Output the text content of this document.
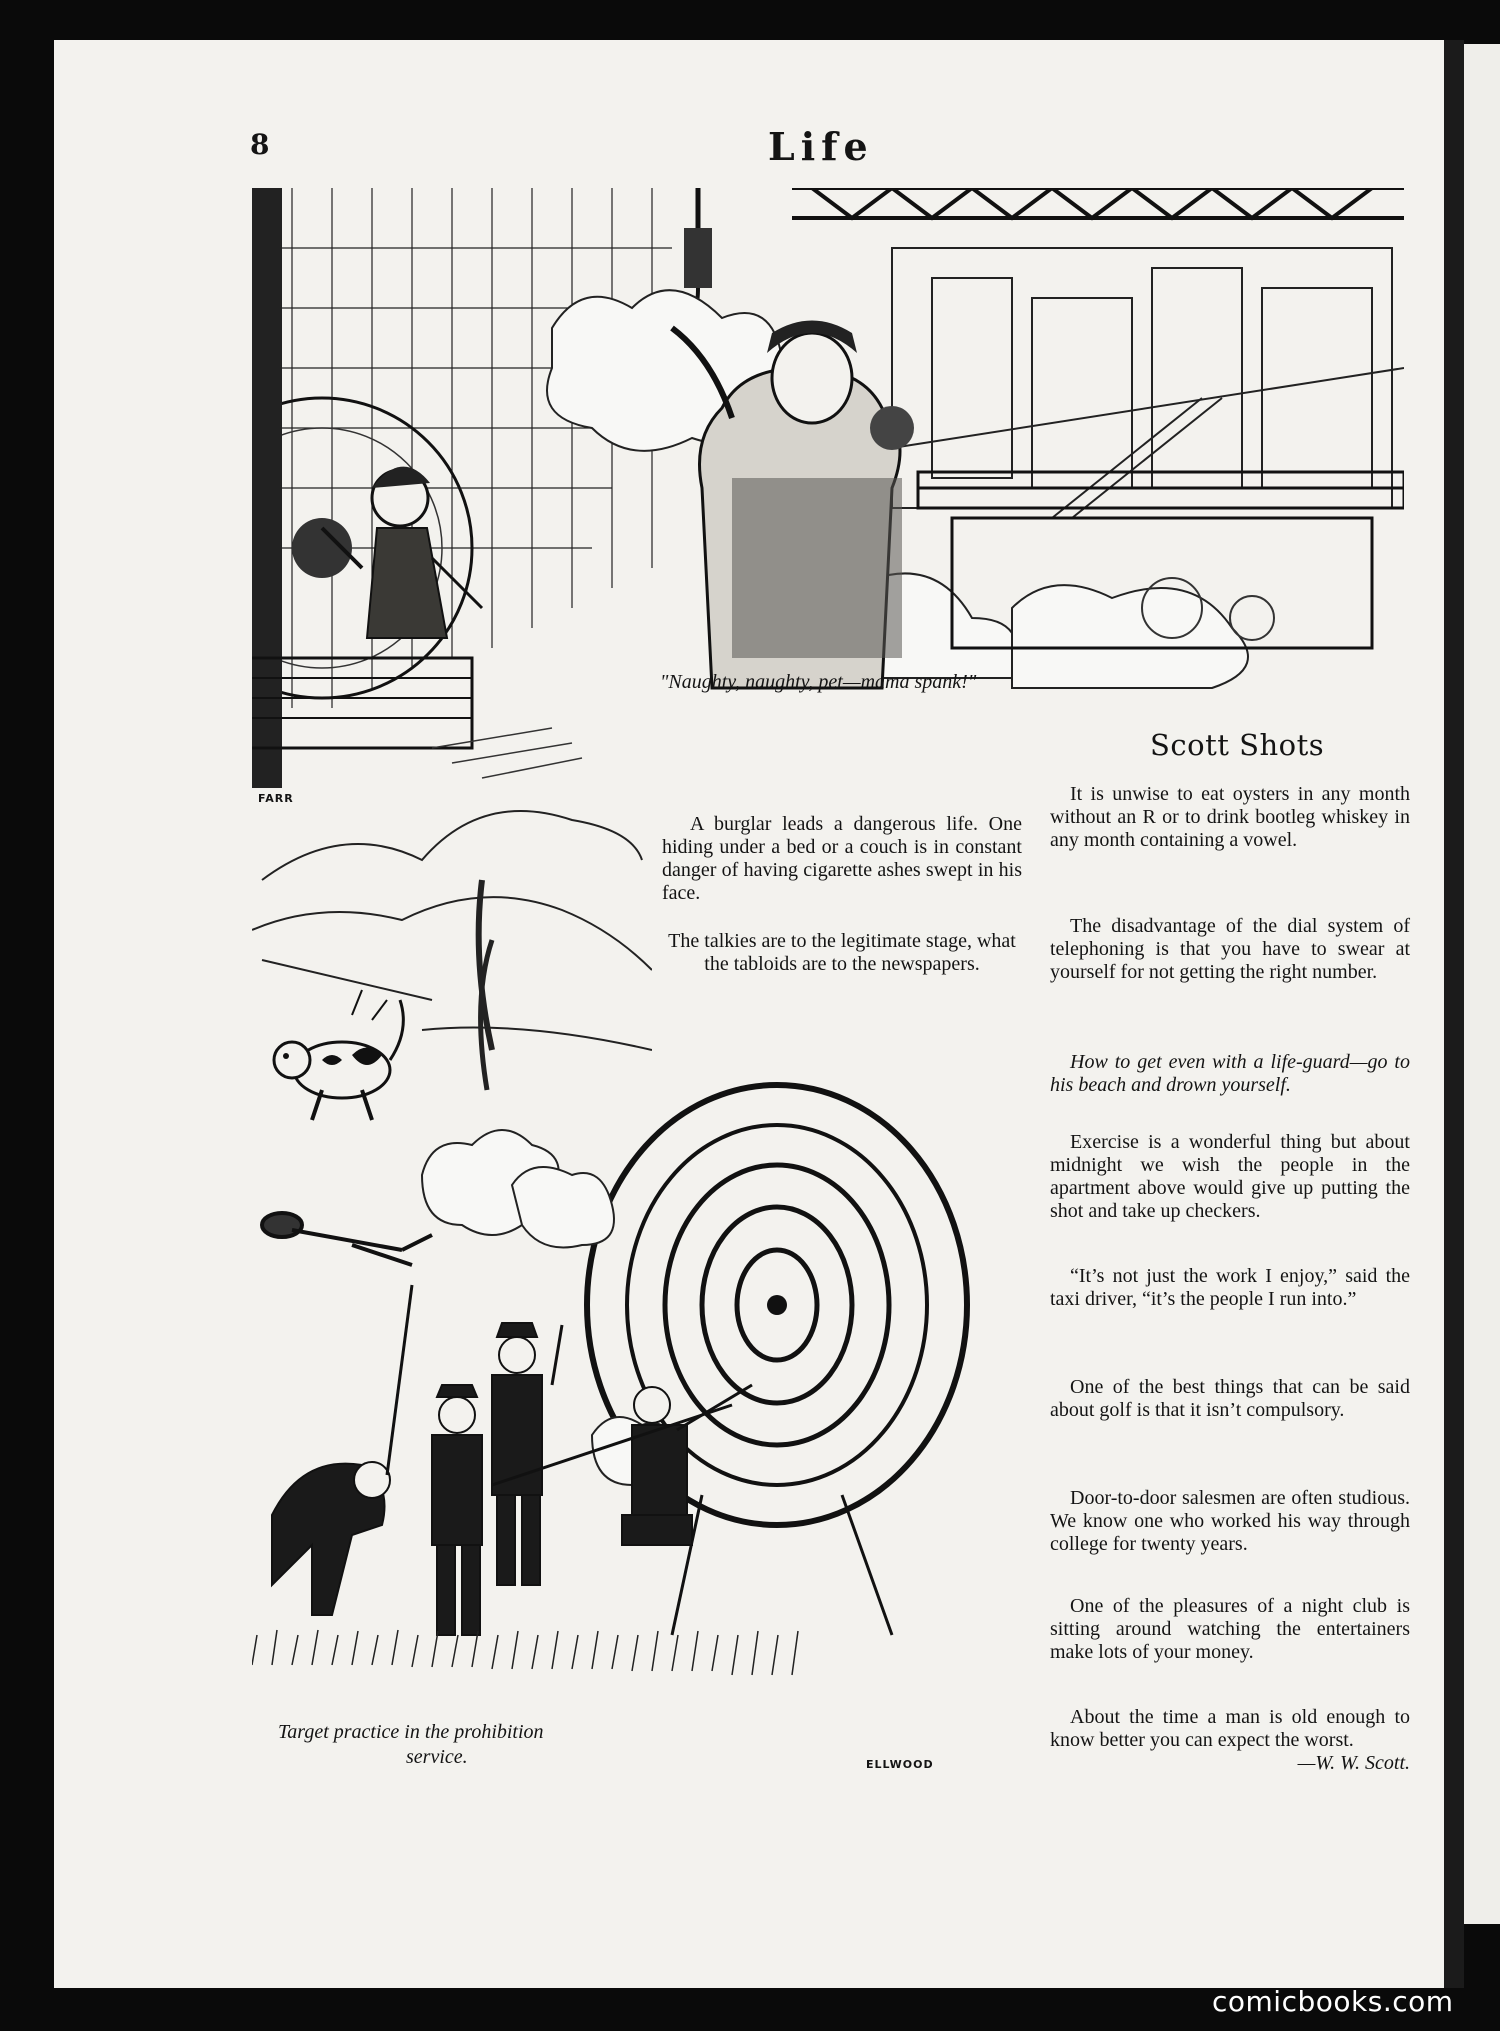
8	Life
"Naughty, naughty, pet—mama spank!"
FARR

A burglar leads a dangerous life. One hiding under a bed or a couch is in constant danger of having cigarette ashes swept in his face.

The talkies are to the legitimate stage, what the tabloids are to the newspapers.

Target practice in the prohibition
service.	ELLWOOD
Scott Shots

It is unwise to eat oysters in any month without an R or to drink bootleg whiskey in any month containing a vowel.

The disadvantage of the dial system of telephoning is that you have to swear at yourself for not getting the right number.

How to get even with a life-guard—go to his beach and drown yourself.

Exercise is a wonderful thing but about midnight we wish the people in the apartment above would give up putting the shot and take up checkers.

“It’s not just the work I enjoy,” said the taxi driver, “it’s the people I run into.”

One of the best things that can be said about golf is that it isn’t compulsory.

Door-to-door salesmen are often studious. We know one who worked his way through college for twenty years.

One of the pleasures of a night club is sitting around watching the entertainers make lots of your money.

About the time a man is old enough to know better you can expect the worst.

—W. W. Scott.

comicbooks.com
